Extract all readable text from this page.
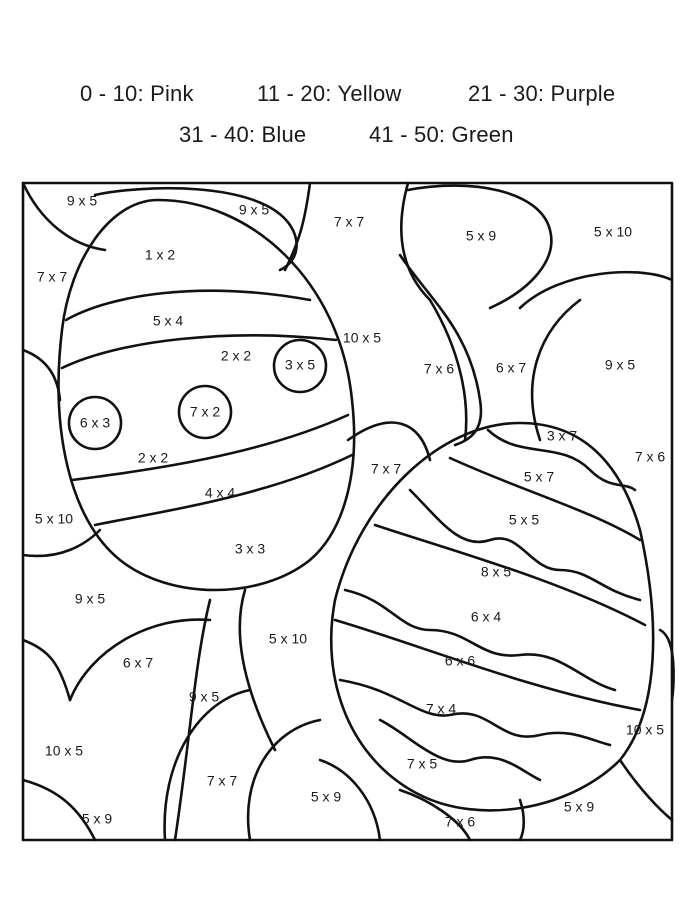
0 - 10: Pink	11 - 20: Yellow	21 - 30: Purple
31 - 40: Blue	41 - 50: Green
9 x 5
9 x 5
7 x 7
5 x 9	5 x 10
7 x 7
1 x 2
5 x 4
10 x 5
2 x 2
3 x 5	7 x 6	6 x 7	9 x 5
6 x 3
7 x 2
3 x 7
2 x 2
7 x 7
7 x 6
5 x 7
4 x 4
5 x 10	5 x 5
3 x 3
8 x 5
9 x 5
6 x 4
5 x 10
6 x 7	6 x 6
9 x 5
7 x 4
10 x 5
10 x 5
7 x 7
7 x 5
5 x 9
5 x 9
5 x 9
7 x 6
